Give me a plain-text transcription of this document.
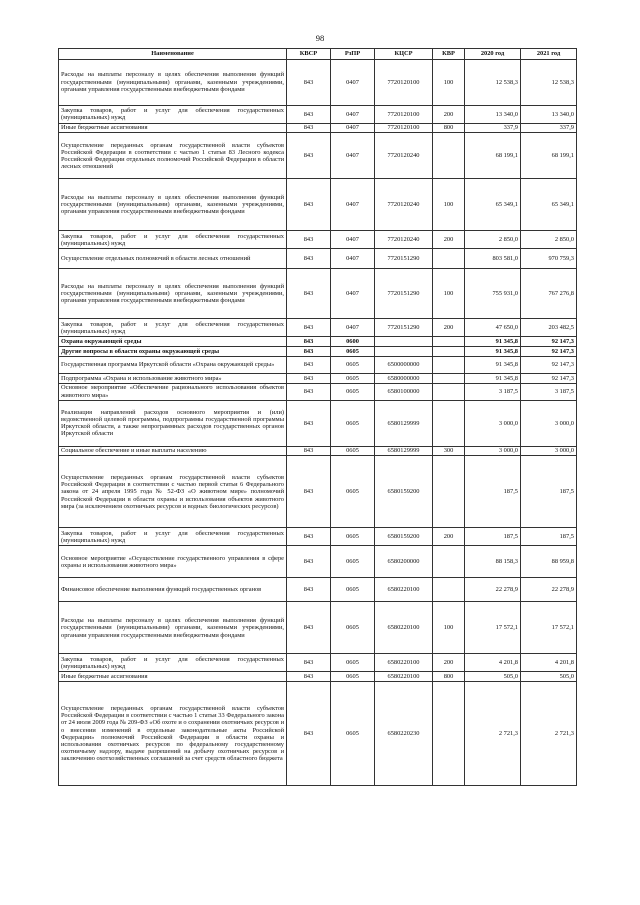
98
Наименование	КВСР	РзПР	КЦСР	КВР	2020 год	2021 год
Расходы на выплаты персоналу в целях обеспечения выполнения функций государственными (муниципальными) органами, казенными учреждениями, органами управления государственными внебюджетными фондами	843	0407	7720120100	100	12 538,3	12 538,3
Закупка товаров, работ и услуг для обеспечения государственных (муниципальных) нужд	843	0407	7720120100	200	13 340,0	13 340,0
Иные бюджетные ассигнования	843	0407	7720120100	800	337,9	337,9
Осуществление переданных органам государственной власти субъектов Российской Федерации в соответствии с частью 1 статьи 83 Лесного кодекса Российской Федерации отдельных полномочий Российской Федерации в области лесных отношений	843	0407	7720120240		68 199,1	68 199,1
Расходы на выплаты персоналу в целях обеспечения выполнения функций государственными (муниципальными) органами, казенными учреждениями, органами управления государственными внебюджетными фондами	843	0407	7720120240	100	65 349,1	65 349,1
Закупка товаров, работ и услуг для обеспечения государственных (муниципальных) нужд	843	0407	7720120240	200	2 850,0	2 850,0
Осуществление отдельных полномочий в области лесных отношений	843	0407	7720151290		803 581,0	970 759,3
Расходы на выплаты персоналу в целях обеспечения выполнения функций государственными (муниципальными) органами, казенными учреждениями, органами управления государственными внебюджетными фондами	843	0407	7720151290	100	755 931,0	767 276,8
Закупка товаров, работ и услуг для обеспечения государственных (муниципальных) нужд	843	0407	7720151290	200	47 650,0	203 482,5
Охрана окружающей среды	843	0600			91 345,8	92 147,3
Другие вопросы в области охраны окружающей среды	843	0605			91 345,8	92 147,3
Государственная программа Иркутской области «Охрана окружающей среды»	843	0605	6500000000		91 345,8	92 147,3
Подпрограмма «Охрана и использование животного мира»	843	0605	6580000000		91 345,8	92 147,3
Основное мероприятие «Обеспечение рационального использования объектов животного мира»	843	0605	6580100000		3 187,5	3 187,5
Реализация направлений расходов основного мероприятия и (или) ведомственной целевой программы, подпрограммы государственной программы Иркутской области, а также непрограммных расходов государственных органов Иркутской области	843	0605	6580129999		3 000,0	3 000,0
Социальное обеспечение и иные выплаты населению	843	0605	6580129999	300	3 000,0	3 000,0
Осуществление переданных органам государственной власти субъектов Российской Федерации в соответствии с частью первой статьи 6 Федерального закона от 24 апреля 1995 года № 52-ФЗ «О животном мире» полномочий Российской Федерации в области охраны и использования объектов животного мира (за исключением охотничьих ресурсов и водных биологических ресурсов)	843	0605	6580159200		187,5	187,5
Закупка товаров, работ и услуг для обеспечения государственных (муниципальных) нужд	843	0605	6580159200	200	187,5	187,5
Основное мероприятие «Осуществление государственного управления в сфере охраны и использования животного мира»	843	0605	6580200000		88 158,3	88 959,8
Финансовое обеспечение выполнения функций государственных органов	843	0605	6580220100		22 278,9	22 278,9
Расходы на выплаты персоналу в целях обеспечения выполнения функций государственными (муниципальными) органами, казенными учреждениями, органами управления государственными внебюджетными фондами	843	0605	6580220100	100	17 572,1	17 572,1
Закупка товаров, работ и услуг для обеспечения государственных (муниципальных) нужд	843	0605	6580220100	200	4 201,8	4 201,8
Иные бюджетные ассигнования	843	0605	6580220100	800	505,0	505,0
Осуществление переданных органам государственной власти субъектов Российской Федерации в соответствии с частью 1 статьи 33 Федерального закона от 24 июля 2009 года № 209-ФЗ «Об охоте и о сохранении охотничьих ресурсов и о внесении изменений в отдельные законодательные акты Российской Федерации» полномочий Российской Федерации в области охраны и использования охотничьих ресурсов по федеральному государственному охотничьему надзору, выдаче разрешений на добычу охотничьих ресурсов и заключению охотхозяйственных соглашений за счет средств областного бюджета	843	0605	6580220230		2 721,3	2 721,3
